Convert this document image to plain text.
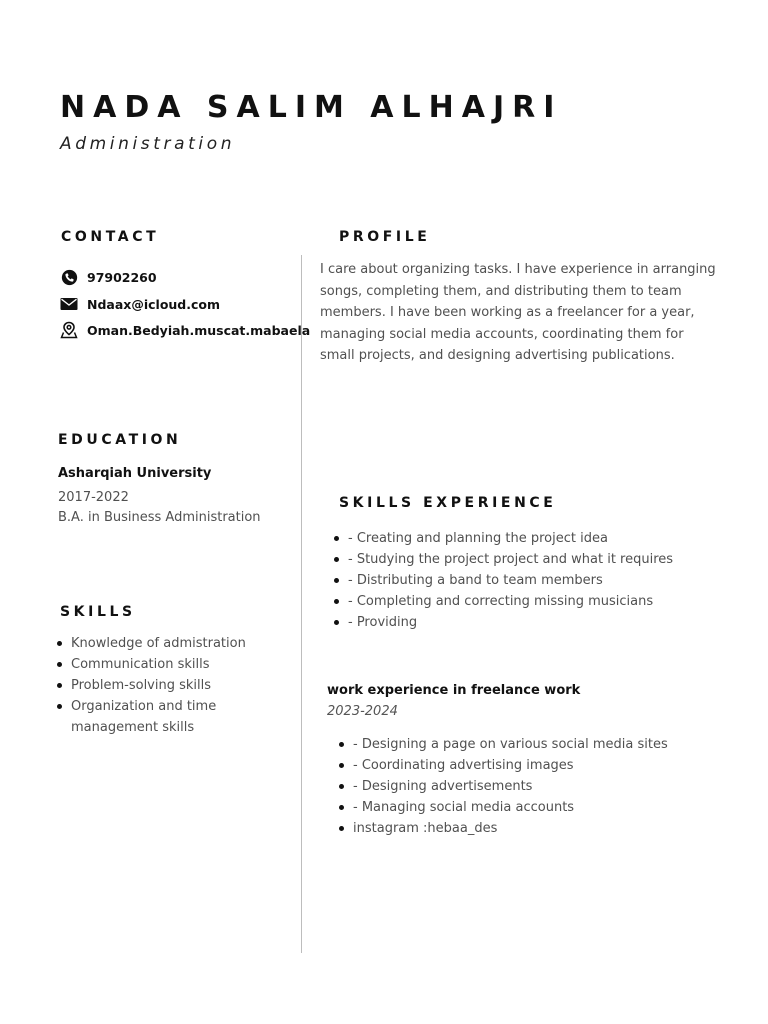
NADA SALIM ALHAJRI
Administration
CONTACT
97902260
Ndaax@icloud.com
Oman.Bedyiah.muscat.mabaela
PROFILE
I care about organizing tasks. I have experience in arranging songs, completing them, and distributing them to team members. I have been working as a freelancer for a year, managing social media accounts, coordinating them for small projects, and designing advertising publications.
EDUCATION
Asharqiah University
2017-2022
B.A. in Business Administration
SKILLS
Knowledge of admistration
Communication skills
Problem-solving skills
Organization and time management skills
SKILLS EXPERIENCE
- Creating and planning the project idea
- Studying the project project and what it requires
- Distributing a band to team members
- Completing and correcting missing musicians
- Providing
work experience in freelance work
2023-2024
- Designing a page on various social media sites
- Coordinating advertising images
- Designing advertisements
- Managing social media accounts
instagram :hebaa_des
